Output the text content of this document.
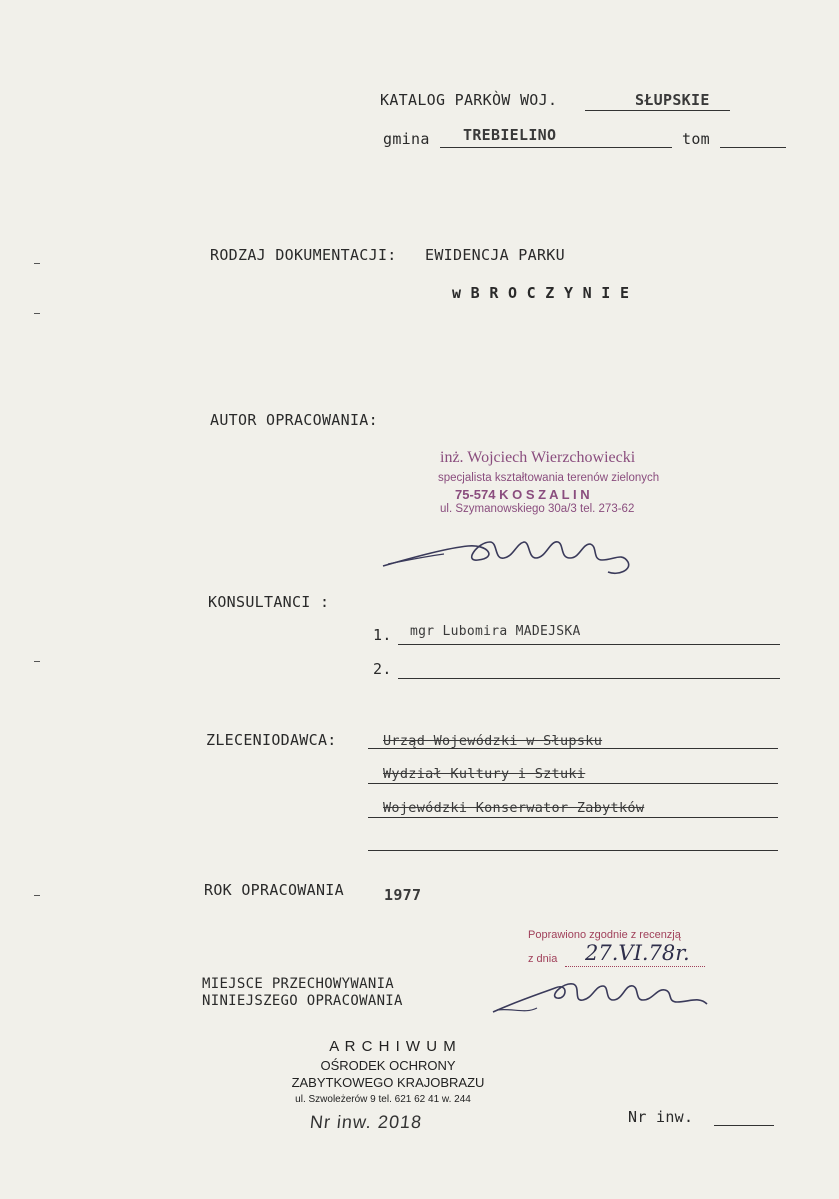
KATALOG PARKÒW WOJ.	SŁUPSKIE
gmina TREBIELINO	tom
RODZAJ DOKUMENTACJI: EWIDENCJA PARKU
w B R O C Z Y N I E
AUTOR OPRACOWANIA:
inż. Wojciech Wierzchowiecki
specjalista kształtowania terenów zielonych
75-574 K O S Z A L I N
ul. Szymanowskiego 30a/3 tel. 273-62
KONSULTANCI :
1. mgr Lubomira MADEJSKA
2.
ZLECENIODAWCA:	Urząd Wojewódzki w Słupsku
Wydział Kultury i Sztuki
Wojewódzki Konserwator Zabytków
ROK OPRACOWANIA	1977
Poprawiono zgodnie z recenzją
z dnia 27.VI.78r.
MIEJSCE PRZECHOWYWANIA
NINIEJSZEGO OPRACOWANIA
A R C H I W U M
OŚRODEK OCHRONY
ZABYTKOWEGO KRAJOBRAZU
ul. Szwoleżerów 9 tel. 621 62 41 w. 244
Nr inw. 2018	Nr inw.
